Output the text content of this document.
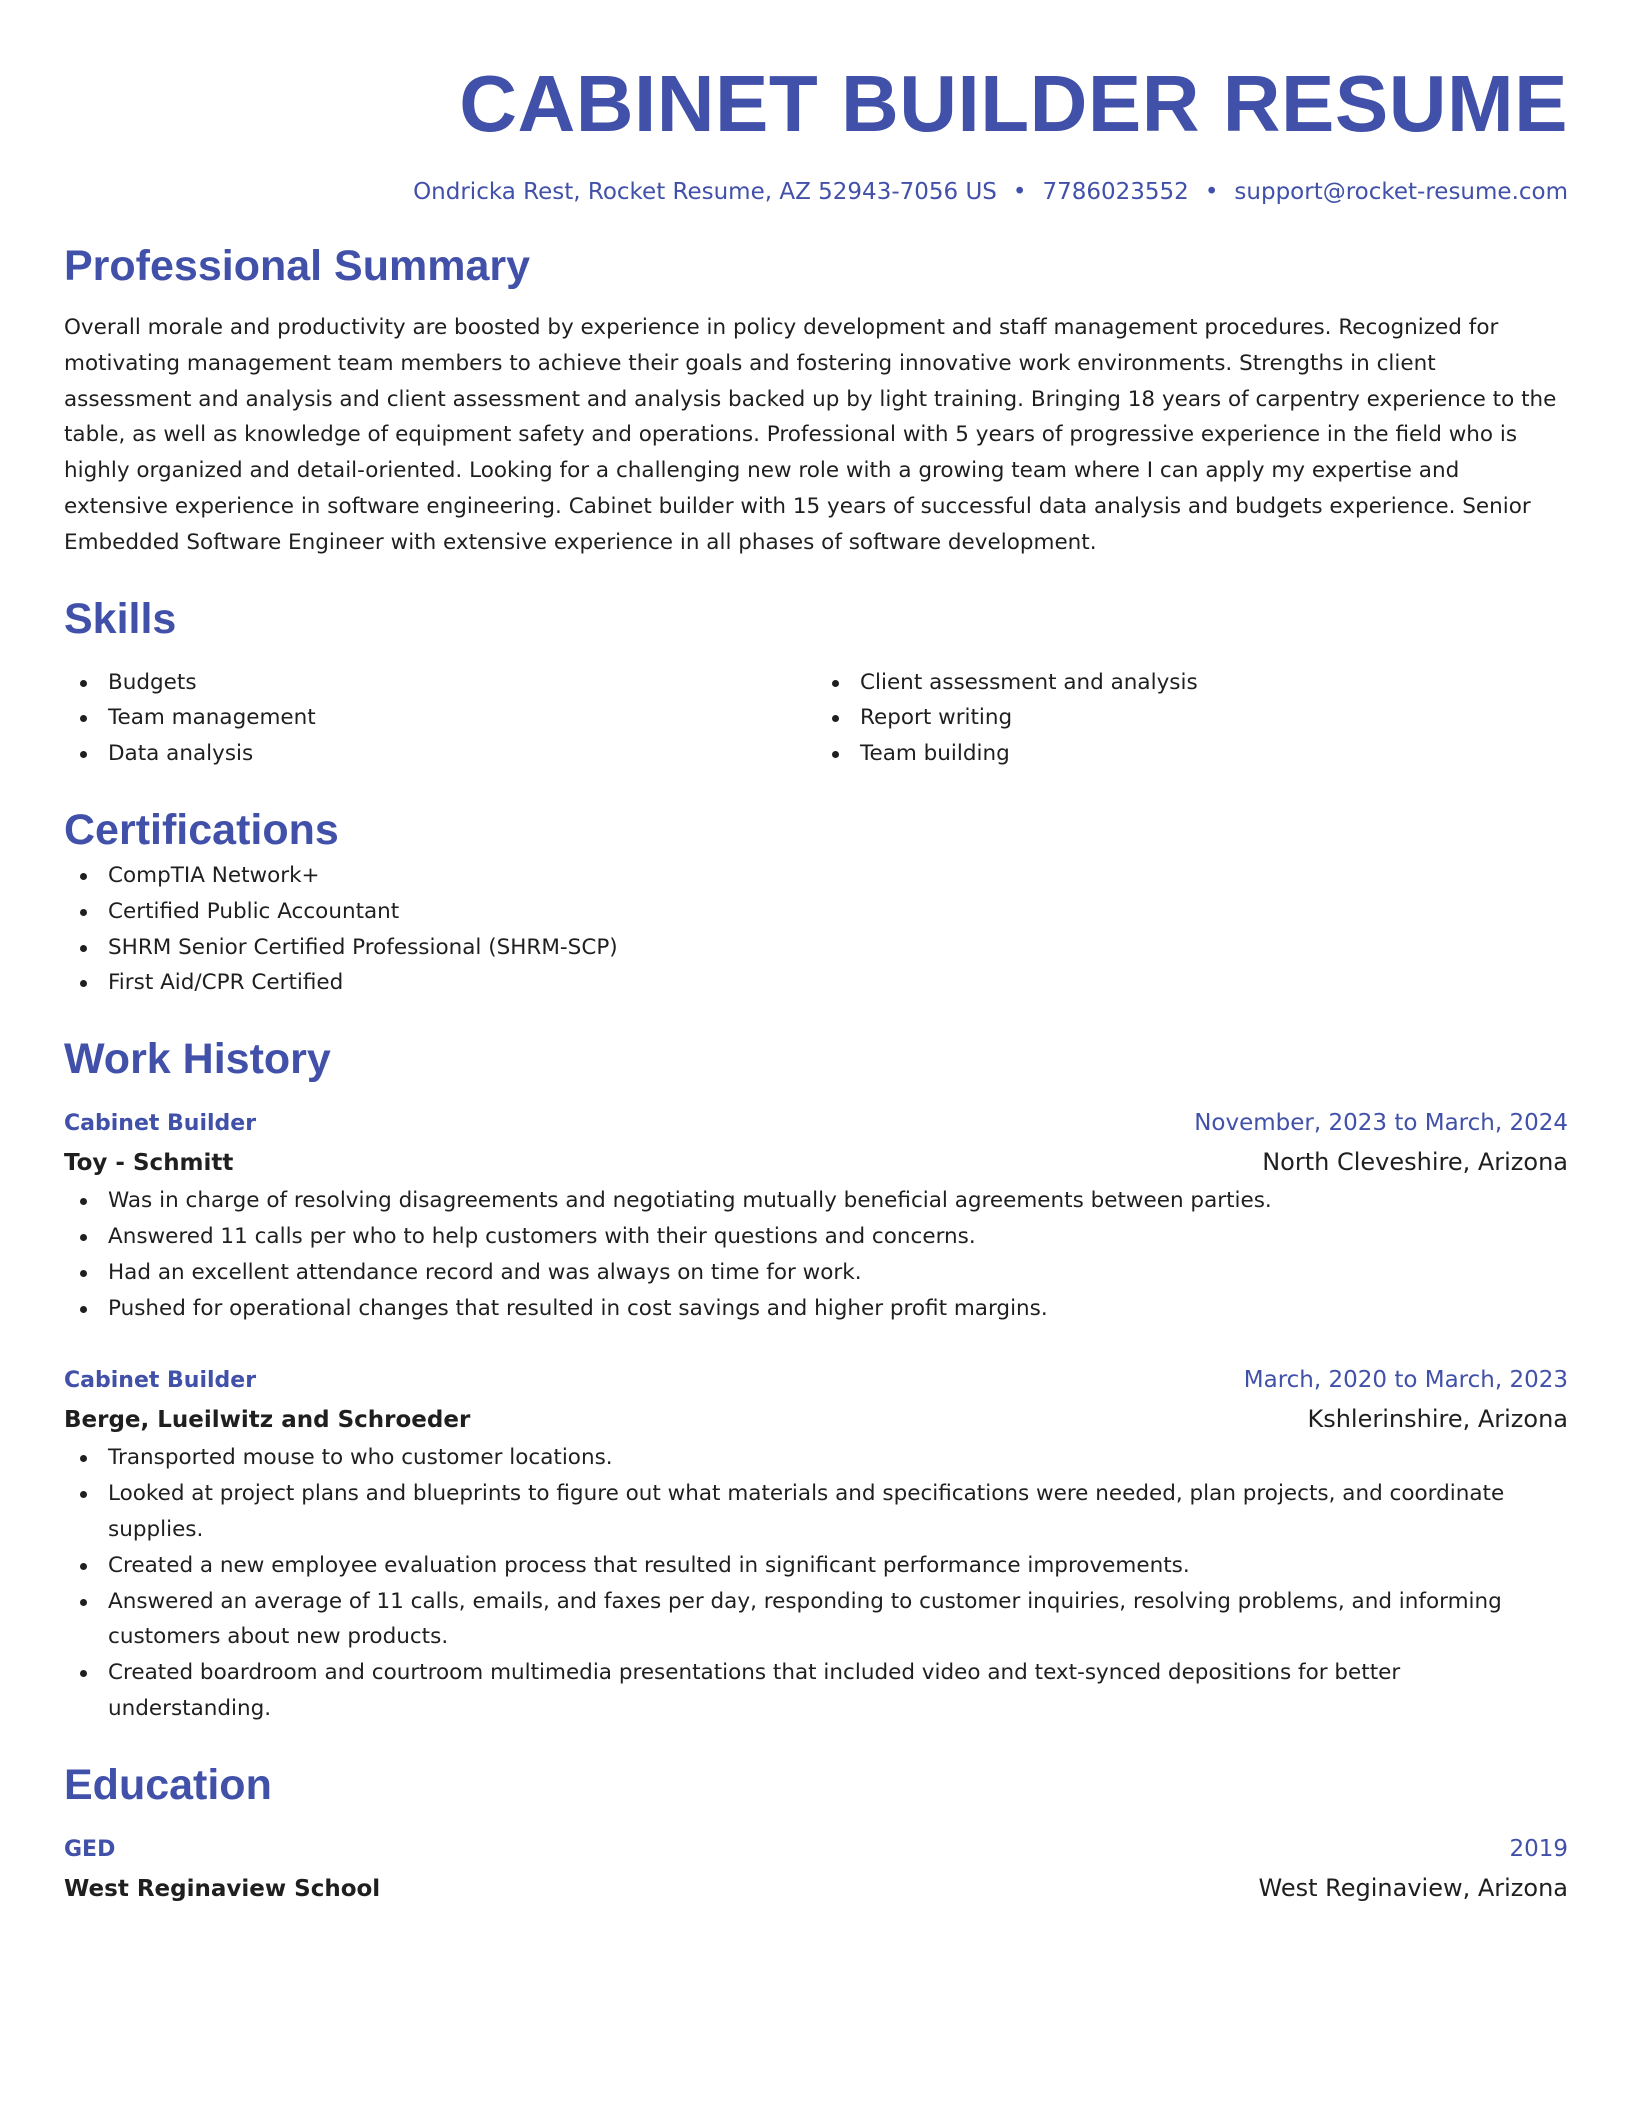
CABINET BUILDER RESUME
Ondricka Rest, Rocket Resume, AZ 52943-7056 US • 7786023552 • support@rocket-resume.com
Professional Summary

Overall morale and productivity are boosted by experience in policy development and staff management procedures. Recognized for motivating management team members to achieve their goals and fostering innovative work environments. Strengths in client assessment and analysis and client assessment and analysis backed up by light training. Bringing 18 years of carpentry experience to the table, as well as knowledge of equipment safety and operations. Professional with 5 years of progressive experience in the field who is highly organized and detail-oriented. Looking for a challenging new role with a growing team where I can apply my expertise and extensive experience in software engineering. Cabinet builder with 15 years of successful data analysis and budgets experience. Senior Embedded Software Engineer with extensive experience in all phases of software development.

Skills
Budgets
Team management
Data analysis
Client assessment and analysis
Report writing
Team building
Certifications
CompTIA Network+
Certified Public Accountant
SHRM Senior Certified Professional (SHRM-SCP)
First Aid/CPR Certified
Work History
Cabinet Builder	November, 2023 to March, 2024
Toy - Schmitt	North Cleveshire, Arizona
Was in charge of resolving disagreements and negotiating mutually beneficial agreements between parties.
Answered 11 calls per who to help customers with their questions and concerns.
Had an excellent attendance record and was always on time for work.
Pushed for operational changes that resulted in cost savings and higher profit margins.
Cabinet Builder	March, 2020 to March, 2023
Berge, Lueilwitz and Schroeder	Kshlerinshire, Arizona
Transported mouse to who customer locations.
Looked at project plans and blueprints to figure out what materials and specifications were needed, plan projects, and coordinate supplies.
Created a new employee evaluation process that resulted in significant performance improvements.
Answered an average of 11 calls, emails, and faxes per day, responding to customer inquiries, resolving problems, and informing customers about new products.
Created boardroom and courtroom multimedia presentations that included video and text-synced depositions for better understanding.
Education
GED	2019
West Reginaview School	West Reginaview, Arizona
